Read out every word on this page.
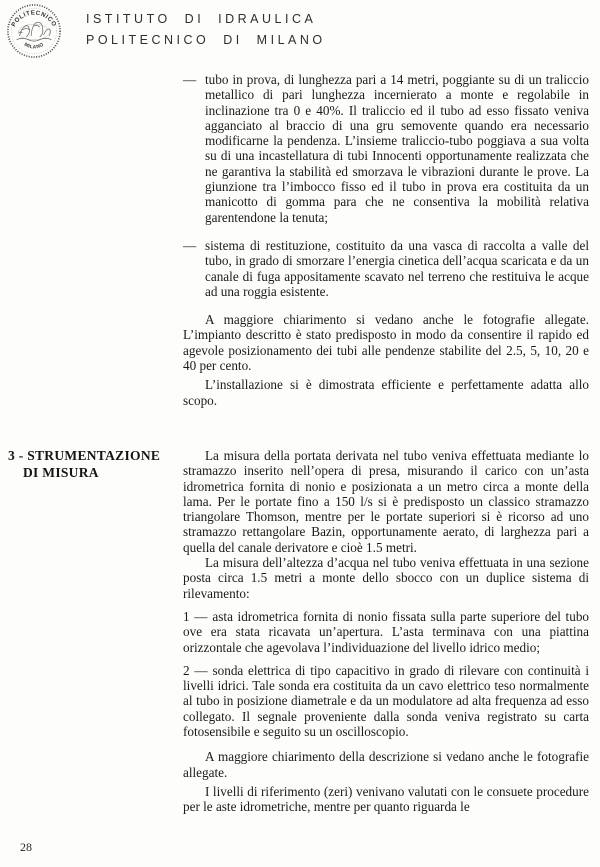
POLITECNICO
MILANO
ISTITUTO DI IDRAULICA
POLITECNICO DI MILANO
— tubo in prova, di lunghezza pari a 14 metri, poggiante su di un traliccio metallico di pari lunghezza incernierato a monte e regolabile in inclinazione tra 0 e 40%. Il traliccio ed il tubo ad esso fissato veniva agganciato al braccio di una gru semovente quando era necessario modificarne la pendenza. L’insieme traliccio-tubo poggiava a sua volta su di una incastellatura di tubi Innocenti opportunamente realizzata che ne garantiva la stabilità ed smorzava le vibrazioni durante le prove. La giunzione tra l’imbocco fisso ed il tubo in prova era costituita da un manicotto di gomma para che ne consentiva la mobilità relativa garentendone la tenuta;
— sistema di restituzione, costituito da una vasca di raccolta a valle del tubo, in grado di smorzare l’energia cinetica dell’acqua scaricata e da un canale di fuga appositamente scavato nel terreno che restituiva le acque ad una roggia esistente.

A maggiore chiarimento si vedano anche le fotografie allegate. L’impianto descritto è stato predisposto in modo da consentire il rapido ed agevole posizionamento dei tubi alle pendenze stabilite del 2.5, 5, 10, 20 e 40 per cento.

L’installazione si è dimostrata efficiente e perfettamente adatta allo scopo.

3 - STRUMENTAZIONE
DI MISURA

La misura della portata derivata nel tubo veniva effettuata mediante lo stramazzo inserito nell’opera di presa, misurando il carico con un’asta idrometrica fornita di nonio e posizionata a un metro circa a monte della lama. Per le portate fino a 150 l/s si è predisposto un classico stramazzo triangolare Thomson, mentre per le portate superiori si è ricorso ad uno stramazzo rettangolare Bazin, opportunamente aerato, di larghezza pari a quella del canale derivatore e cioè 1.5 metri.

La misura dell’altezza d’acqua nel tubo veniva effettuata in una sezione posta circa 1.5 metri a monte dello sbocco con un duplice sistema di rilevamento:

1 — asta idrometrica fornita di nonio fissata sulla parte superiore del tubo ove era stata ricavata un’apertura. L’asta terminava con una piattina orizzontale che agevolava l’individuazione del livello idrico medio;

2 — sonda elettrica di tipo capacitivo in grado di rilevare con continuità i livelli idrici. Tale sonda era costituita da un cavo elettrico teso normalmente al tubo in posizione diametrale e da un modulatore ad alta frequenza ad esso collegato. Il segnale proveniente dalla sonda veniva registrato su carta fotosensibile e seguito su un oscilloscopio.

A maggiore chiarimento della descrizione si vedano anche le fotografie allegate.

I livelli di riferimento (zeri) venivano valutati con le consuete procedure per le aste idrometriche, mentre per quanto riguarda le

28
